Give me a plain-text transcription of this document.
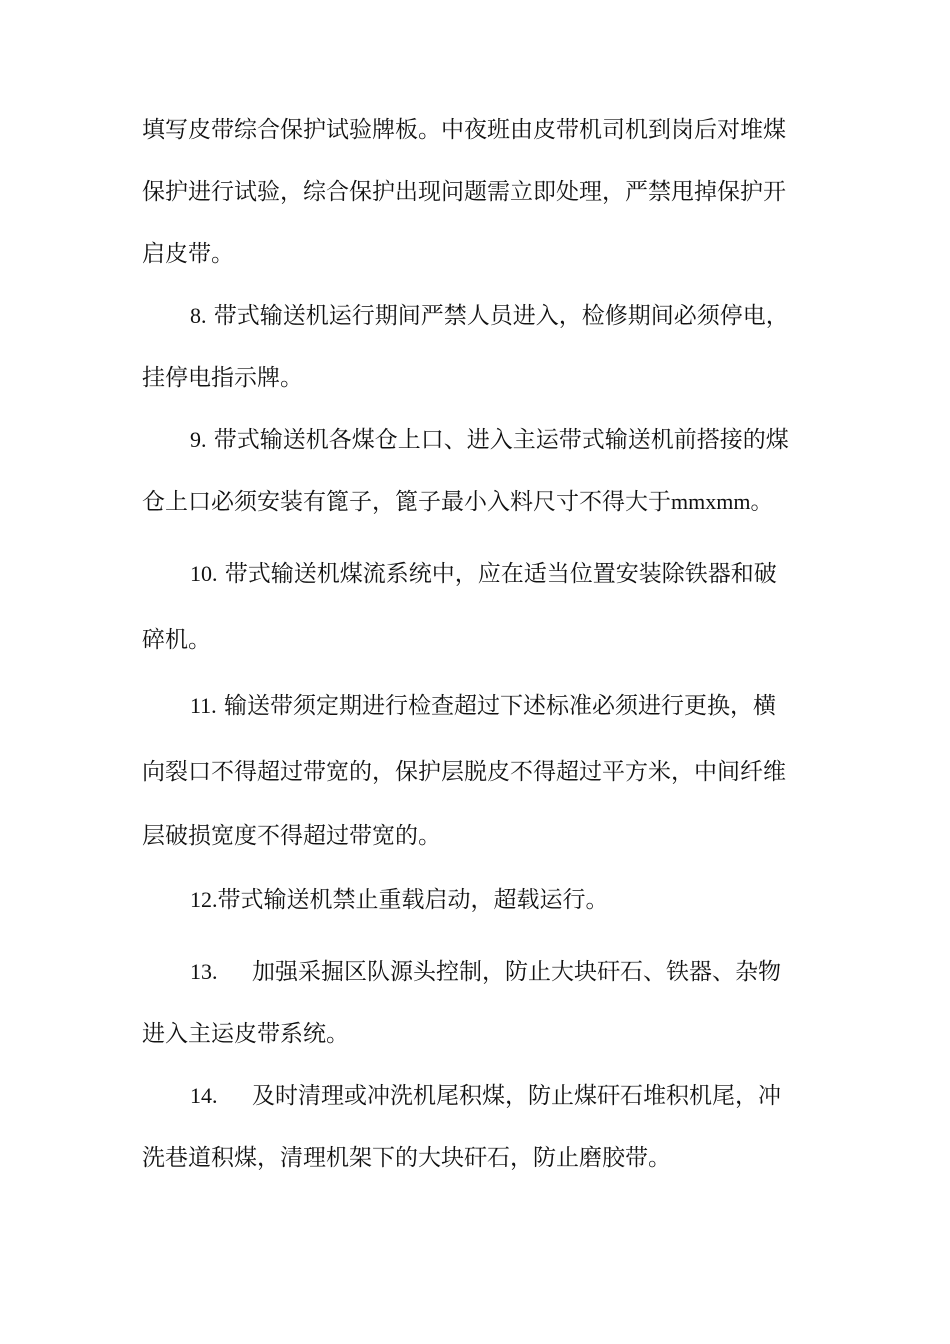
填写皮带综合保护试验牌板。中夜班由皮带机司机到岗后对堆煤
保护进行试验，综合保护出现问题需立即处理，严禁甩掉保护开
启皮带。
8. 带式输送机运行期间严禁人员进入，检修期间必须停电，
挂停电指示牌。
9. 带式输送机各煤仓上口、进入主运带式输送机前搭接的煤
仓上口必须安装有篦子，篦子最小入料尺寸不得大于mmxmm。
10. 带式输送机煤流系统中，应在适当位置安装除铁器和破
碎机。
11. 输送带须定期进行检查超过下述标准必须进行更换，横
向裂口不得超过带宽的，保护层脱皮不得超过平方米，中间纤维
层破损宽度不得超过带宽的。
12.带式输送机禁止重载启动，超载运行。
13. 加强采掘区队源头控制，防止大块矸石、铁器、杂物
进入主运皮带系统。
14. 及时清理或冲洗机尾积煤，防止煤矸石堆积机尾，冲
洗巷道积煤，清理机架下的大块矸石，防止磨胶带。
